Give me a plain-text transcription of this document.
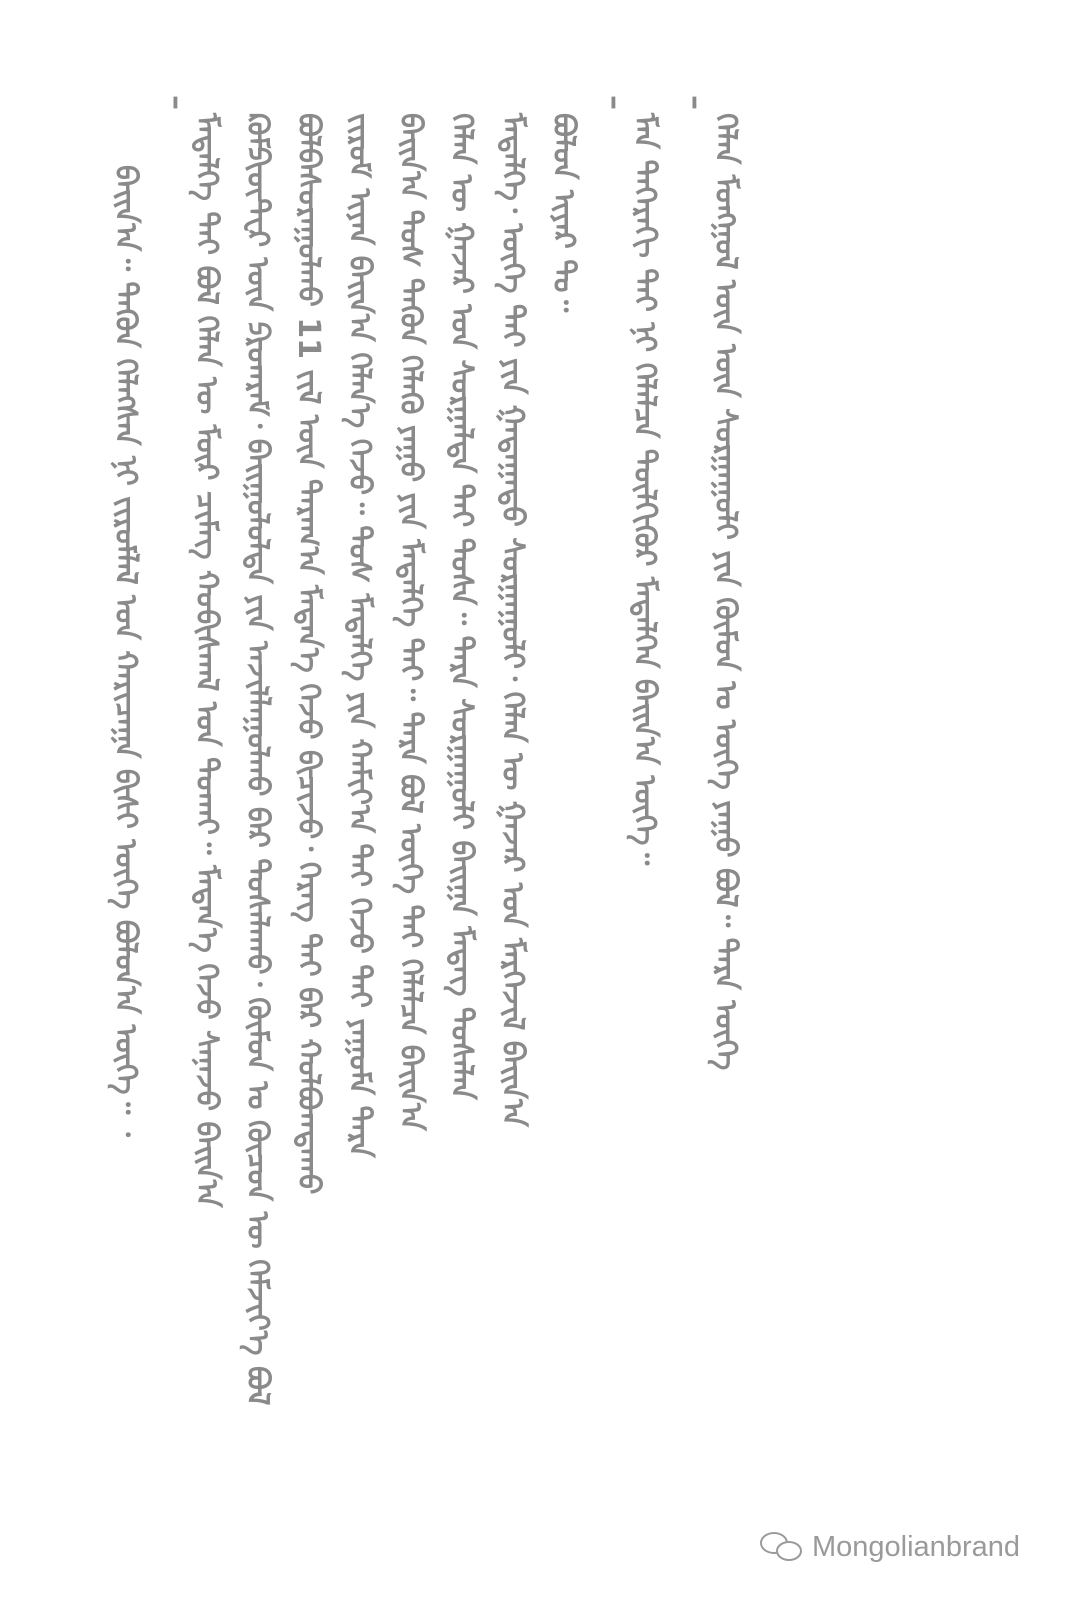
ᠪᠠᠢᠨ᠎ᠠ᠃ ᠲᠡᠭᠦᠨ ᠬᠡᠯᠡᠭᠰᠡᠨ ᠨᠢ ᠵᠢᠷᠤᠮᠯᠠᠯ ᠤᠨ ᠬᠠᠷᠢᠴᠠᠭᠠ ᠪᠢᠰᠢ ᠦᠭᠡ ᠪᠣᠯᠣᠨ᠎ᠠ ᠦᠭᠡ᠃ ᠂
–
ᠮᠡᠳᠡᠯᠭᠡ ᠲᠡᠢ ᠪᠣᠯ ᠬᠡᠯᠡᠨ ᠦ ᠮᠦᠷ ᠴᠢᠮᠡᠭ ᠬᠤᠪᠢᠰᠬᠠᠯ ᠤᠨ ᠲᠤᠬᠠᠢ᠃ ᠮᠡᠳᠡᠨ᠎ᠡ ᠭᠡᠵᠦ ᠰᠠᠨᠠᠵᠤ ᠪᠠᠢᠨ᠎ᠠ ᠺᠣᠮᠫᠢᠦ᠋ᠲ᠋ᠧᠷ ᠦᠨ ᠫᠷᠣᠭᠷᠠᠮ᠂ ᠪᠠᠢᠭᠤᠯᠤᠯᠲᠠ ᠶᠢᠨ ᠠᠵᠢᠯᠯᠠᠭᠤᠯᠬᠤ ᠪᠠᠷ ᠲᠤᠰᠠᠯᠠᠬᠤ᠂ ᠬᠦᠮᠦᠨ ᠤ ᠬᠦᠴᠦᠨ ᠦ ᠬᠡᠮᠵᠢᠶ᠎ᠡ ᠪᠣᠯ ᠪᠣᠯᠪᠠᠰᠤᠷᠠᠭᠤᠯᠬᠤ 11 ᠵᠢᠯ ᠦᠨ ᠳᠠᠷᠠᠭ᠎ᠠ ᠮᠡᠳᠡᠨ᠎ᠡ ᠭᠡᠵᠦ ᠪᠢᠴᠢᠵᠦ᠂ ᠬᠡᠷᠡᠭ ᠲᠡᠢ ᠪᠡᠷ ᠬᠣᠯᠪᠣᠭᠳᠠᠬᠤ ᠵᠢᠷᠤᠮ ᠢᠶᠠᠨ ᠪᠠᠢᠨ᠎ᠠ ᠬᠡᠯᠡᠨ᠎ᠡ ᠭᠡᠵᠦ᠃ ᠲᠤᠰ ᠮᠡᠳᠡᠯᠭᠡ ᠶᠢᠨ ᠬᠠᠮᠢᠶ᠎ᠠ ᠲᠡᠢ ᠭᠡᠵᠦ ᠲᠡᠢ ᠶᠠᠭᠤᠮᠠ ᠲᠡᠷᠡ ᠪᠠᠢᠨ᠎ᠠ ᠲᠤᠰ ᠲᠡᠭᠦᠨ ᠬᠡᠯᠡᠬᠦ ᠶᠠᠭᠤ ᠶᠢᠨ ᠮᠡᠳᠡᠯᠭᠡ ᠲᠡᠢ᠃ ᠲᠡᠷᠡ ᠪᠣᠯ ᠦᠭᠡ ᠲᠡᠢ ᠬᠡᠯᠡᠯᠴᠡ ᠪᠠᠢᠨ᠎ᠠ ᠬᠡᠯᠡᠨ ᠦ ᠭᠠᠵᠠᠷ ᠤᠨ ᠰᠤᠷᠭᠠᠯᠲᠠ ᠲᠠᠢ ᠲᠤᠰᠠ᠃ ᠲᠡᠷᠡ ᠰᠤᠷᠭᠠᠭᠤᠯᠢ ᠪᠠᠢᠭᠠ ᠮᠡᠳᠡᠭ ᠲᠤᠰᠠᠯᠠᠨ ᠮᠡᠳᠡᠯᠭᠡ᠂ ᠦᠭᠡ ᠲᠡᠢ ᠶᠢᠨ ᠭᠠᠳᠠᠭᠠᠳᠤ ᠰᠤᠷᠭᠠᠭᠤᠯᠢ᠂ ᠬᠡᠯᠡᠨ ᠦ ᠭᠠᠵᠠᠷ ᠤᠨ ᠮᠡᠷᠭᠡᠵᠢᠯ ᠪᠠᠢᠨ᠎ᠠ ᠪᠣᠯᠣᠨ ᠢᠶᠠᠷ ᠲᠤ᠃
–
ᠮᠠᠨ ᠳᠡᠭᠡᠷᠡᠬᠢ ᠲᠡᠢ ᠨᠢ ᠬᠡᠯᠡᠯᠴᠡ ᠲᠦᠯᠬᠢᠭᠦᠷ ᠮᠡᠳᠡᠯᠭᠡᠨ ᠪᠠᠢᠨ᠎ᠠ ᠦᠭᠡ᠃
–
ᠬᠡᠯᠡᠨ ᠮᠣᠩᠭᠣᠯ ᠦᠨ ᠦᠨ ᠰᠤᠷᠭᠠᠭᠤᠯᠢ ᠶᠢᠨ ᠬᠦᠮᠦᠨ ᠤ ᠦᠭᠡ ᠶᠠᠭᠤ ᠪᠣᠯ᠃ ᠲᠡᠷᠡ ᠦᠭᠡ
Mongolianbrand
